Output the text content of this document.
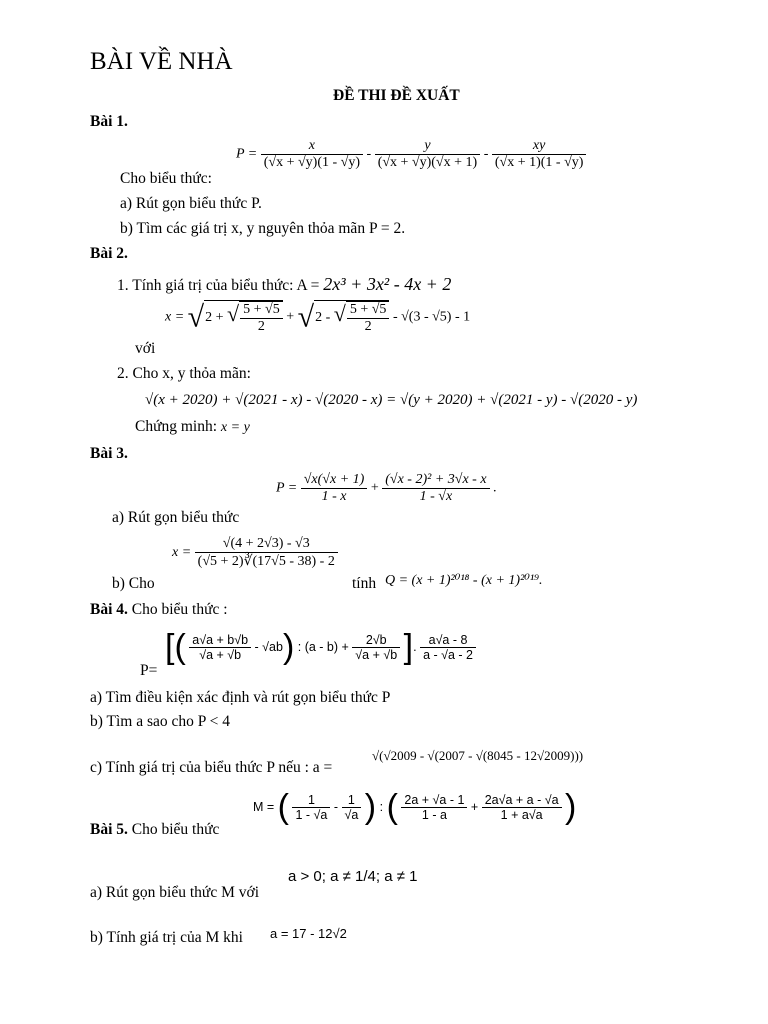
BÀI VỀ NHÀ
ĐỀ THI ĐỀ XUẤT
Bài 1.
$P = \frac{x}{(√x + √y)(1 - √y)} - \frac{y}{(√x + √y)(√x + 1)} - \frac{xy}{(√x + 1)(1 - √y)}$
Cho biểu thức:
a) Rút gọn biểu thức P.
b) Tìm các giá trị x, y nguyên thỏa mãn P = 2.
Bài 2.
1. Tính giá trị của biểu thức: A = 2x³ + 3x² - 4x + 2
x = √2 + √ $\frac{5 + √5}{2} + √2$ - √ $\frac{5 + √5}{2} - √(3 - √5) - 1$
với
2. Cho x, y thỏa mãn:
√(x + 2020) + √(2021 - x) - √(2020 - x) = √(y + 2020) + √(2021 - y) - √(2020 - y)
Chứng minh: x = y
Bài 3.
a) Rút gọn biểu thức
$P = \frac{√x(√x + 1)}{1 - x} + \frac{\text{(√x - 2)² + 3√x - x}}{1 - √x}$ .
b) Cho
$x = \frac{√(4 + 2√3) - √3}{(√5 + 2)∛(17√5 - 38) - 2}$
tính Q = (x + 1)²⁰¹⁸ - (x + 1)²⁰¹⁹.
Bài 4. Cho biểu thức :
P=
[( $\frac{a√a + b√b}{√a + √b} - √ab$) : $(a - b) + \frac{2√b}{√a + √b}$ ]. $\frac{a√a - 8}{a - √a - 2}$
a) Tìm điều kiện xác định và rút gọn biểu thức P
b) Tìm a sao cho P < 4
c) Tính giá trị của biểu thức P nếu : a =
√(√2009 - √(2007 - √(8045 - 12√2009)))
Bài 5. Cho biểu thức
M = ( $\frac{1}{1 - √a} - \frac{1}{√a}$ ) : ( $\frac{2a + √a - 1}{1 - a} + \frac{2a√a + a - √a}{1 + a√a}$ )
a) Rút gọn biểu thức M với
a > 0; a ≠ 1/4; a ≠ 1
b) Tính giá trị của M khi a = 17 - 12√2
